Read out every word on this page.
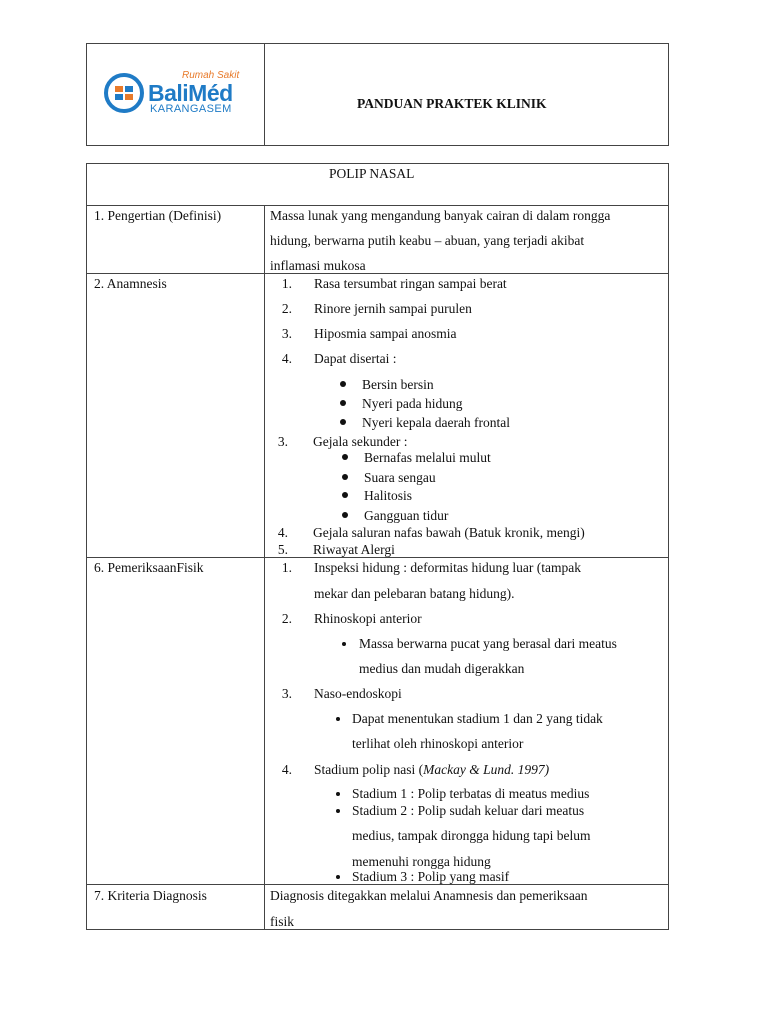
Rumah Sakit
BaliMéd
KARANGASEM	PANDUAN PRAKTEK KLINIK
POLIP NASAL
1. Pengertian (Definisi)	Massa lunak yang mengandung banyak cairan di dalam rongga
hidung, berwarna putih keabu – abuan, yang terjadi akibat
inflamasi mukosa
2. Anamnesis	1. Rasa tersumbat ringan sampai berat
2. Rinore jernih sampai purulen
3. Hiposmia sampai anosmia
4. Dapat disertai :
Bersin bersin
Nyeri pada hidung
Nyeri kepala daerah frontal
3. Gejala sekunder :
Bernafas melalui mulut
Suara sengau
Halitosis
Gangguan tidur
4. Gejala saluran nafas bawah (Batuk kronik, mengi)
5. Riwayat Alergi
6. PemeriksaanFisik	1. Inspeksi hidung : deformitas hidung luar (tampak
mekar dan pelebaran batang hidung).
2. Rhinoskopi anterior
Massa berwarna pucat yang berasal dari meatus
medius dan mudah digerakkan
3. Naso-endoskopi
Dapat menentukan stadium 1 dan 2 yang tidak
terlihat oleh rhinoskopi anterior
4. Stadium polip nasi (Mackay & Lund. 1997)
Stadium 1 : Polip terbatas di meatus medius
Stadium 2 : Polip sudah keluar dari meatus
medius, tampak dirongga hidung tapi belum
memenuhi rongga hidung
Stadium 3 : Polip yang masif
7. Kriteria Diagnosis	Diagnosis ditegakkan melalui Anamnesis dan pemeriksaan
fisik
